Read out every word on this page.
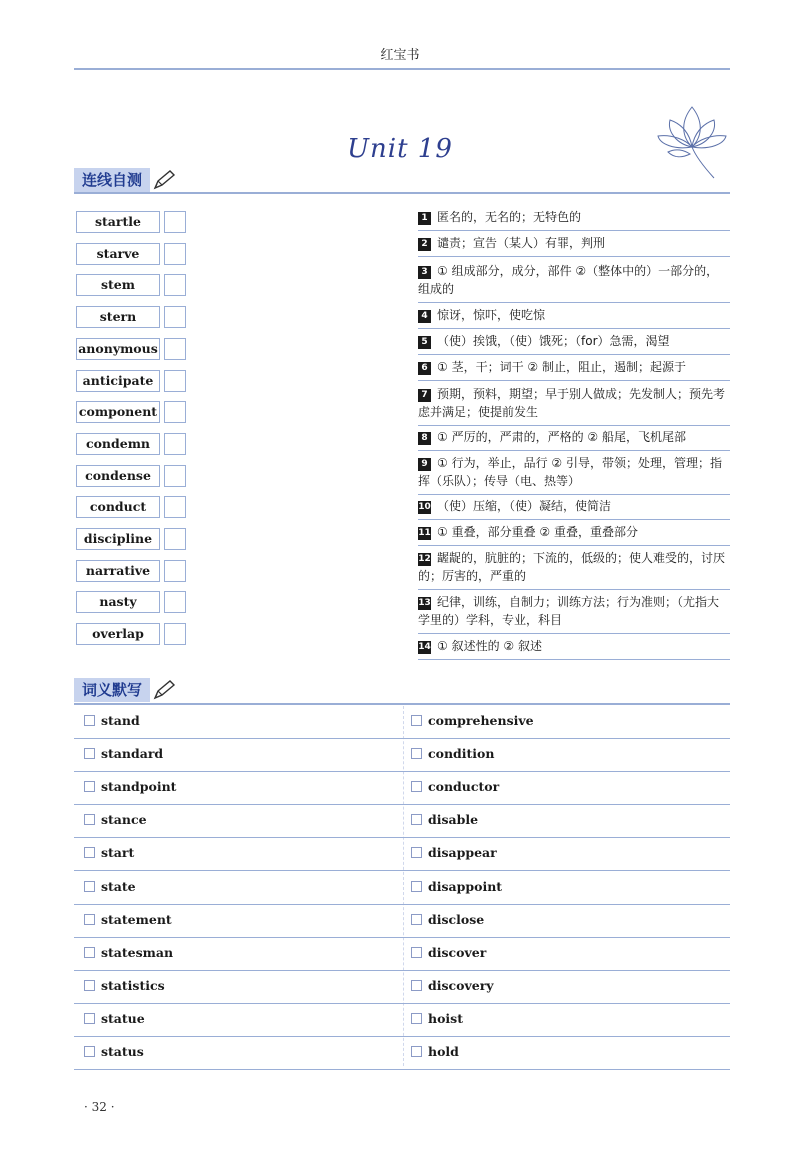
红宝书
Unit 19
连线自测
startle
starve
stem
stern
anonymous
anticipate
component
condemn
condense
conduct
discipline
narrative
nasty
overlap
1 匿名的，无名的；无特色的
2 谴责；宣告（某人）有罪，判刑
3 ① 组成部分，成分，部件 ②（整体中的）一部分的，组成的
4 惊讶，惊吓，使吃惊
5 （使）挨饿，（使）饿死；（for）急需，渴望
6 ① 茎，干；词干 ② 制止，阻止，遏制；起源于
7 预期，预料，期望；早于别人做成；先发制人；预先考虑并满足；使提前发生
8 ① 严厉的，严肃的，严格的 ② 船尾，飞机尾部
9 ① 行为，举止，品行 ② 引导，带领；处理，管理；指挥（乐队）；传导（电、热等）
10 （使）压缩，（使）凝结，使简洁
11 ① 重叠，部分重叠 ② 重叠，重叠部分
12 龌龊的，肮脏的；下流的，低级的；使人难受的，讨厌的；厉害的，严重的
13 纪律，训练，自制力；训练方法；行为准则；（尤指大学里的）学科，专业，科目
14 ① 叙述性的 ② 叙述
词义默写
stand	comprehensive
standard	condition
standpoint	conductor
stance	disable
start	disappear
state	disappoint
statement	disclose
statesman	discover
statistics	discovery
statue	hoist
status	hold
· 32 ·
